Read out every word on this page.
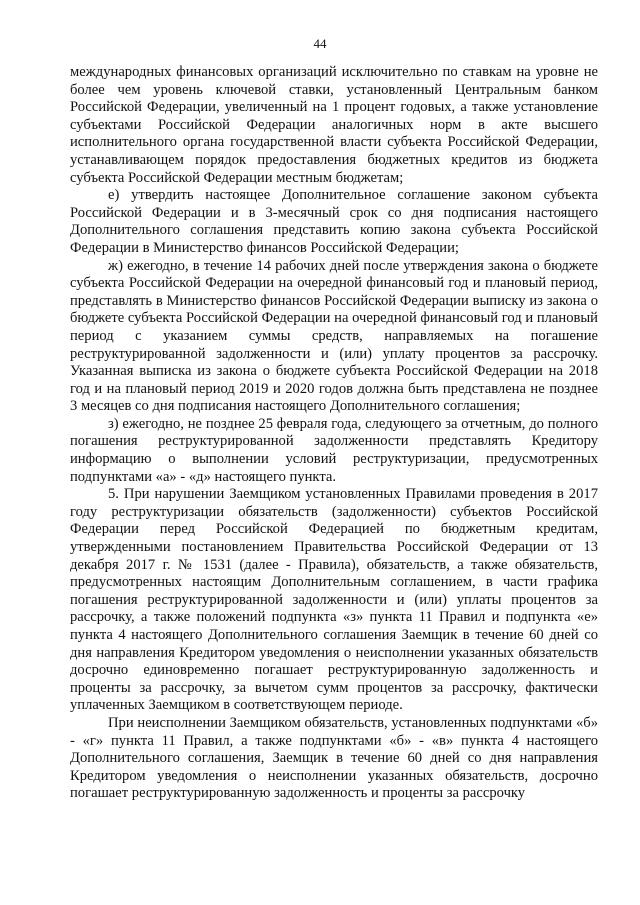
44

международных финансовых организаций исключительно по ставкам на уровне не более чем уровень ключевой ставки, установленный Центральным банком Российской Федерации, увеличенный на 1 процент годовых, а также установление субъектами Российской Федерации аналогичных норм в акте высшего исполнительного органа государственной власти субъекта Российской Федерации, устанавливающем порядок предоставления бюджетных кредитов из бюджета субъекта Российской Федерации местным бюджетам;

е) утвердить настоящее Дополнительное соглашение законом субъекта Российской Федерации и в 3-месячный срок со дня подписания настоящего Дополнительного соглашения представить копию закона субъекта Российской Федерации в Министерство финансов Российской Федерации;

ж) ежегодно, в течение 14 рабочих дней после утверждения закона о бюджете субъекта Российской Федерации на очередной финансовый год и плановый период, представлять в Министерство финансов Российской Федерации выписку из закона о бюджете субъекта Российской Федерации на очередной финансовый год и плановый период с указанием суммы средств, направляемых на погашение реструктурированной задолженности и (или) уплату процентов за рассрочку. Указанная выписка из закона о бюджете субъекта Российской Федерации на 2018 год и на плановый период 2019 и 2020 годов должна быть представлена не позднее 3 месяцев со дня подписания настоящего Дополнительного соглашения;

з) ежегодно, не позднее 25 февраля года, следующего за отчетным, до полного погашения реструктурированной задолженности представлять Кредитору информацию о выполнении условий реструктуризации, предусмотренных подпунктами «а» - «д» настоящего пункта.

5. При нарушении Заемщиком установленных Правилами проведения в 2017 году реструктуризации обязательств (задолженности) субъектов Российской Федерации перед Российской Федерацией по бюджетным кредитам, утвержденными постановлением Правительства Российской Федерации от 13 декабря 2017 г. № 1531 (далее - Правила), обязательств, а также обязательств, предусмотренных настоящим Дополнительным соглашением, в части графика погашения реструктурированной задолженности и (или) уплаты процентов за рассрочку, а также положений подпункта «з» пункта 11 Правил и подпункта «е» пункта 4 настоящего Дополнительного соглашения Заемщик в течение 60 дней со дня направления Кредитором уведомления о неисполнении указанных обязательств досрочно единовременно погашает реструктурированную задолженность и проценты за рассрочку, за вычетом сумм процентов за рассрочку, фактически уплаченных Заемщиком в соответствующем периоде.

При неисполнении Заемщиком обязательств, установленных подпунктами «б» - «г» пункта 11 Правил, а также подпунктами «б» - «в» пункта 4 настоящего Дополнительного соглашения, Заемщик в течение 60 дней со дня направления Кредитором уведомления о неисполнении указанных обязательств, досрочно погашает реструктурированную задолженность и проценты за рассрочку
